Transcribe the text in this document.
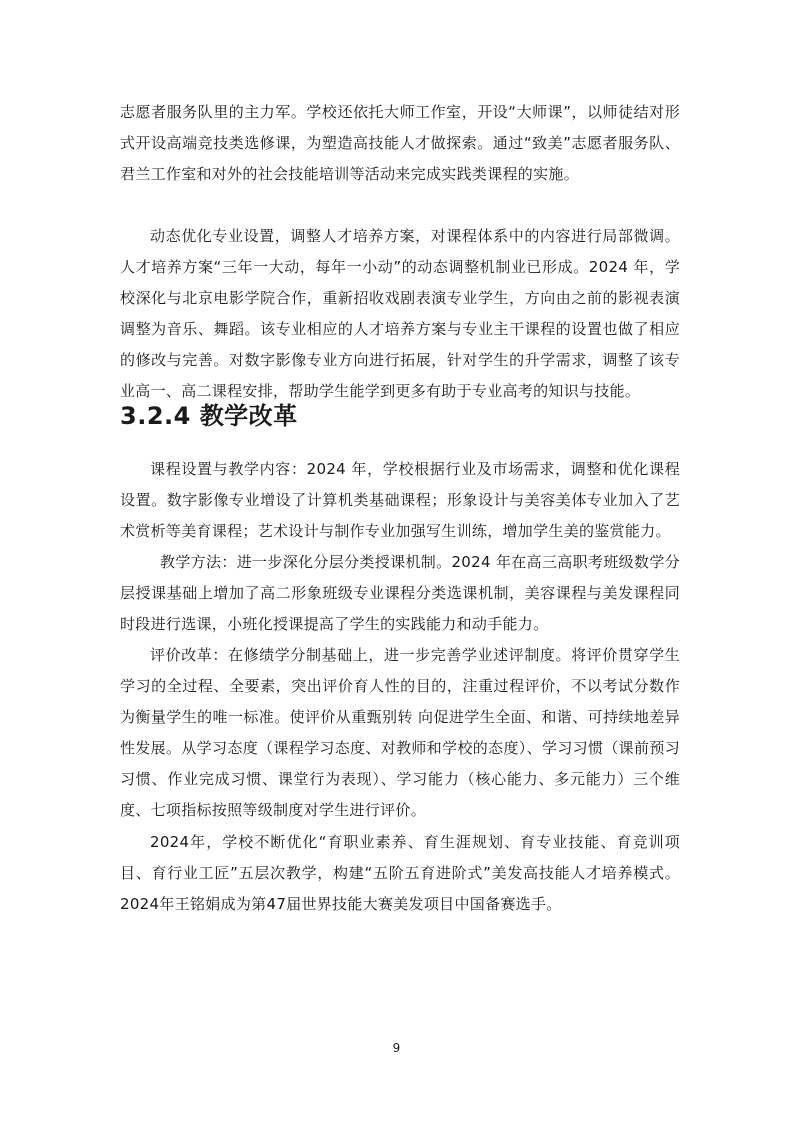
志愿者服务队里的主力军。学校还依托大师工作室，开设“大师课”，以师徒结对形式开设高端竞技类选修课，为塑造高技能人才做探索。通过“致美”志愿者服务队、君兰工作室和对外的社会技能培训等活动来完成实践类课程的实施。

动态优化专业设置，调整人才培养方案，对课程体系中的内容进行局部微调。人才培养方案“三年一大动，每年一小动”的动态调整机制业已形成。2024 年，学校深化与北京电影学院合作，重新招收戏剧表演专业学生，方向由之前的影视表演调整为音乐、舞蹈。该专业相应的人才培养方案与专业主干课程的设置也做了相应的修改与完善。对数字影像专业方向进行拓展，针对学生的升学需求，调整了该专业高一、高二课程安排，帮助学生能学到更多有助于专业高考的知识与技能。

3.2.4 教学改革

课程设置与教学内容：2024 年，学校根据行业及市场需求，调整和优化课程设置。数字影像专业增设了计算机类基础课程；形象设计与美容美体专业加入了艺术赏析等美育课程；艺术设计与制作专业加强写生训练，增加学生美的鉴赏能力。

教学方法：进一步深化分层分类授课机制。2024 年在高三高职考班级数学分层授课基础上增加了高二形象班级专业课程分类选课机制，美容课程与美发课程同时段进行选课，小班化授课提高了学生的实践能力和动手能力。

评价改革：在修绩学分制基础上，进一步完善学业述评制度。将评价贯穿学生学习的全过程、全要素，突出评价育人性的目的，注重过程评价，不以考试分数作为衡量学生的唯一标准。使评价从重甄别转 向促进学生全面、和谐、可持续地差异性发展。从学习态度（课程学习态度、对教师和学校的态度）、学习习惯（课前预习习惯、作业完成习惯、课堂行为表现）、学习能力（核心能力、多元能力）三个维度、七项指标按照等级制度对学生进行评价。

2024年，学校不断优化“育职业素养、育生涯规划、育专业技能、育竞训项目、育行业工匠”五层次教学，构建“五阶五育进阶式”美发高技能人才培养模式。2024年王铭娟成为第47届世界技能大赛美发项目中国备赛选手。

9
